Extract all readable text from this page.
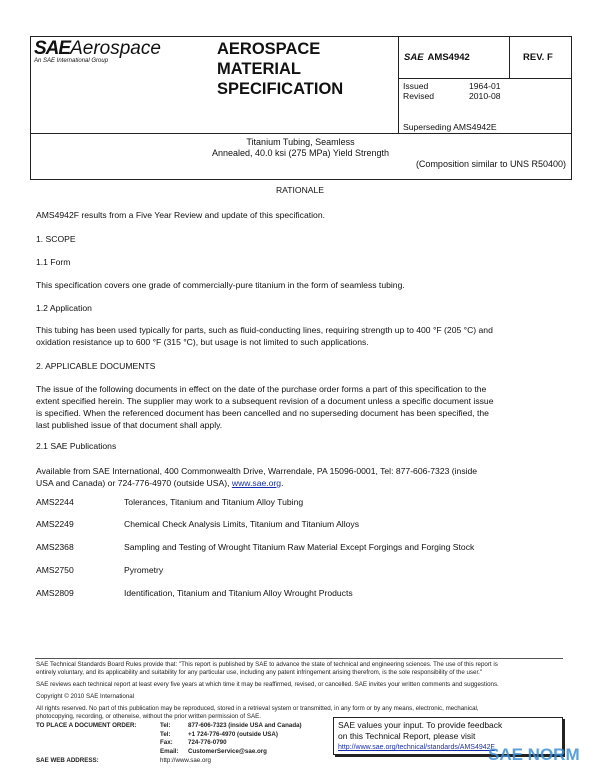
SAEAerospace
An SAE International Group
AEROSPACE
MATERIAL
SPECIFICATION
SAE AMS4942	REV. F
Issued	1964-01
Revised	2010-08
Superseding AMS4942E
Titanium Tubing, Seamless
Annealed, 40.0 ksi (275 MPa) Yield Strength
(Composition similar to UNS R50400)
RATIONALE
AMS4942F results from a Five Year Review and update of this specification.
1. SCOPE
1.1 Form
This specification covers one grade of commercially-pure titanium in the form of seamless tubing.
1.2 Application
This tubing has been used typically for parts, such as fluid-conducting lines, requiring strength up to 400 °F (205 °C) and
oxidation resistance up to 600 °F (315 °C), but usage is not limited to such applications.
2. APPLICABLE DOCUMENTS
The issue of the following documents in effect on the date of the purchase order forms a part of this specification to the
extent specified herein. The supplier may work to a subsequent revision of a document unless a specific document issue
is specified. When the referenced document has been cancelled and no superseding document has been specified, the
last published issue of that document shall apply.
2.1 SAE Publications
Available from SAE International, 400 Commonwealth Drive, Warrendale, PA 15096-0001, Tel: 877-606-7323 (inside
USA and Canada) or 724-776-4970 (outside USA), www.sae.org.
AMS2244	Tolerances, Titanium and Titanium Alloy Tubing
AMS2249	Chemical Check Analysis Limits, Titanium and Titanium Alloys
AMS2368	Sampling and Testing of Wrought Titanium Raw Material Except Forgings and Forging Stock
AMS2750	Pyrometry
AMS2809	Identification, Titanium and Titanium Alloy Wrought Products
SAE Technical Standards Board Rules provide that: "This report is published by SAE to advance the state of technical and engineering sciences. The use of this report is
entirely voluntary, and its applicability and suitability for any particular use, including any patent infringement arising therefrom, is the sole responsibility of the user."
SAE reviews each technical report at least every five years at which time it may be reaffirmed, revised, or cancelled. SAE invites your written comments and suggestions.
Copyright © 2010 SAE International
All rights reserved. No part of this publication may be reproduced, stored in a retrieval system or transmitted, in any form or by any means, electronic, mechanical,
photocopying, recording, or otherwise, without the prior written permission of SAE.
TO PLACE A DOCUMENT ORDER:	Tel:	877-606-7323 (inside USA and Canada)
Tel:	+1 724-776-4970 (outside USA)
Fax: 724-776-0790
Email: CustomerService@sae.org
SAE WEB ADDRESS:	http://www.sae.org
SAE values your input. To provide feedback
on this Technical Report, please visit
http://www.sae.org/technical/standards/AMS4942F
SAE NORM
